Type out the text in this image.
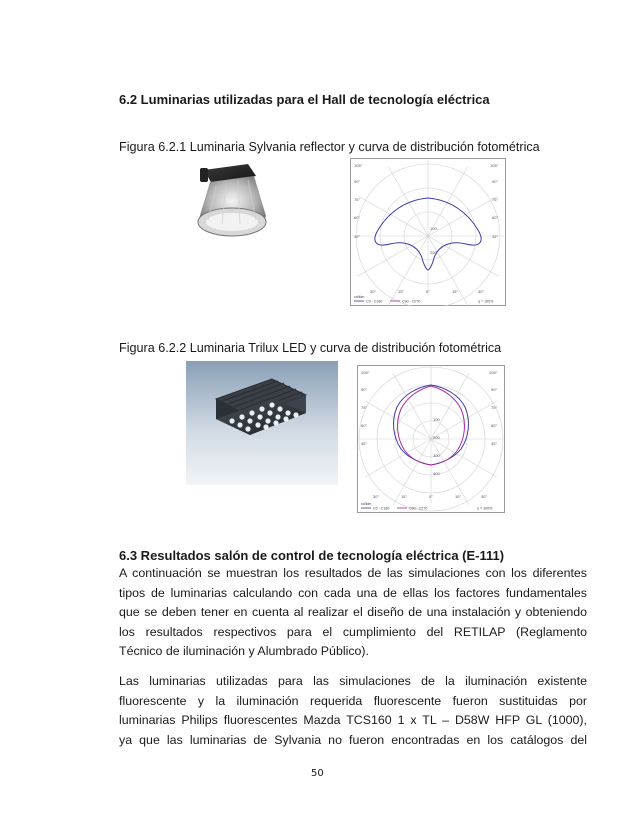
6.2 Luminarias utilizadas para el Hall de tecnología eléctrica
Figura 6.2.1 Luminaria Sylvania reflector y curva de distribución fotométrica
105°	105°
90°	90°
75°	75°
60°	60°
45°	45°
30°	15°	0°	15°	30°
100
200
cd/klm
C0 - C180	C90 - C270	η = 100%
Figura 6.2.2 Luminaria Trilux LED y curva de distribución fotométrica
105°	105°
90°	90°
75°	75°
60°	60°
45°	45°
30°	15°	0°	15°	30°
100
200
300
400
cd/klm
C0 - C180	C90 - C270	η = 100%
6.3 Resultados salón de control de tecnología eléctrica (E-111)
A continuación se muestran los resultados de las simulaciones con los diferentes
tipos de luminarias calculando con cada una de ellas los factores fundamentales
que se deben tener en cuenta al realizar el diseño de una instalación y obteniendo
los resultados respectivos para el cumplimiento del RETILAP (Reglamento
Técnico de iluminación y Alumbrado Público).
Las luminarias utilizadas para las simulaciones de la iluminación existente
fluorescente y la iluminación requerida fluorescente fueron sustituidas por
luminarias Philips fluorescentes Mazda TCS160 1 x TL – D58W HFP GL (1000),
ya que las luminarias de Sylvania no fueron encontradas en los catálogos del
50
